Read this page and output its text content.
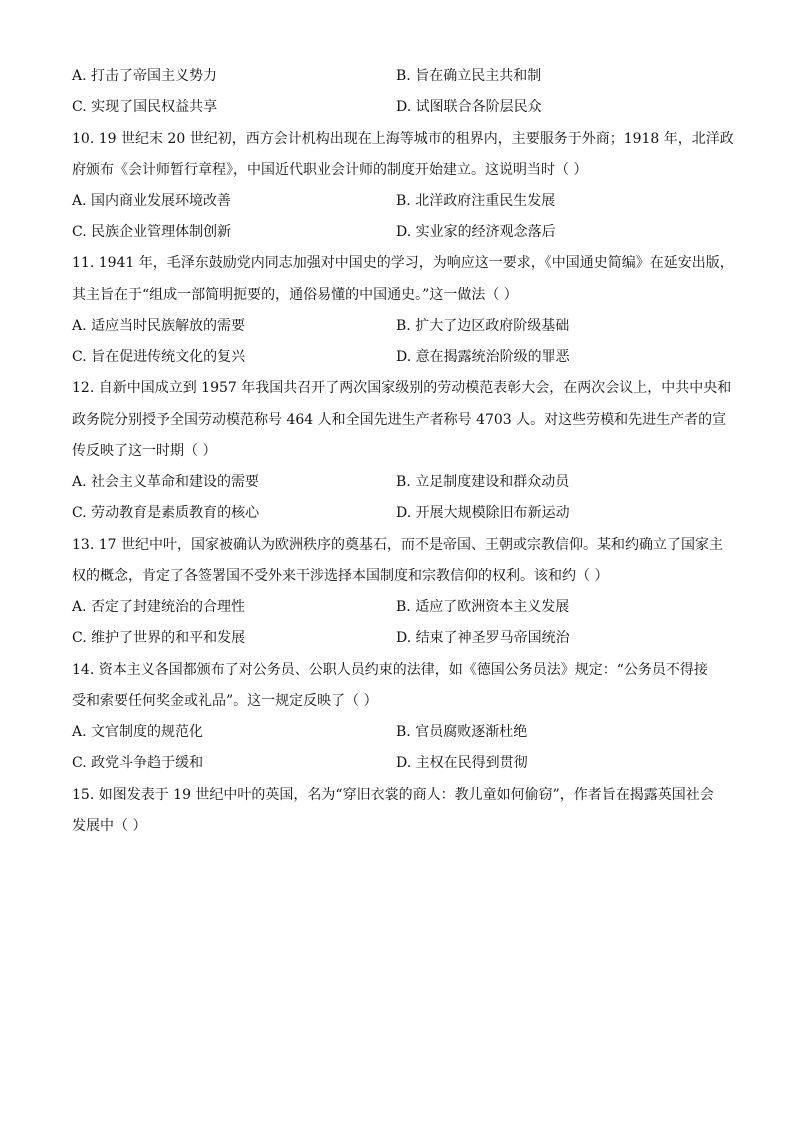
A. 打击了帝国主义势力	B. 旨在确立民主共和制
C. 实现了国民权益共享	D. 试图联合各阶层民众
10. 19 世纪末 20 世纪初，西方会计机构出现在上海等城市的租界内，主要服务于外商；1918 年，北洋政
府颁布《会计师暂行章程》，中国近代职业会计师的制度开始建立。这说明当时（ ）
A. 国内商业发展环境改善	B. 北洋政府注重民生发展
C. 民族企业管理体制创新	D. 实业家的经济观念落后
11. 1941 年，毛泽东鼓励党内同志加强对中国史的学习，为响应这一要求，《中国通史简编》在延安出版，
其主旨在于“组成一部简明扼要的，通俗易懂的中国通史。”这一做法（ ）
A. 适应当时民族解放的需要	B. 扩大了边区政府阶级基础
C. 旨在促进传统文化的复兴	D. 意在揭露统治阶级的罪恶
12. 自新中国成立到 1957 年我国共召开了两次国家级别的劳动模范表彰大会，在两次会议上，中共中央和
政务院分别授予全国劳动模范称号 464 人和全国先进生产者称号 4703 人。对这些劳模和先进生产者的宣
传反映了这一时期（ ）
A. 社会主义革命和建设的需要	B. 立足制度建设和群众动员
C. 劳动教育是素质教育的核心	D. 开展大规模除旧布新运动
13. 17 世纪中叶，国家被确认为欧洲秩序的奠基石，而不是帝国、王朝或宗教信仰。某和约确立了国家主
权的概念，肯定了各签署国不受外来干涉选择本国制度和宗教信仰的权利。该和约（ ）
A. 否定了封建统治的合理性	B. 适应了欧洲资本主义发展
C. 维护了世界的和平和发展	D. 结束了神圣罗马帝国统治
14. 资本主义各国都颁布了对公务员、公职人员约束的法律，如《德国公务员法》规定：“公务员不得接
受和索要任何奖金或礼品”。这一规定反映了（ ）
A. 文官制度的规范化	B. 官员腐败逐渐杜绝
C. 政党斗争趋于缓和	D. 主权在民得到贯彻
15. 如图发表于 19 世纪中叶的英国，名为“穿旧衣裳的商人：教儿童如何偷窃”，作者旨在揭露英国社会
发展中（ ）
